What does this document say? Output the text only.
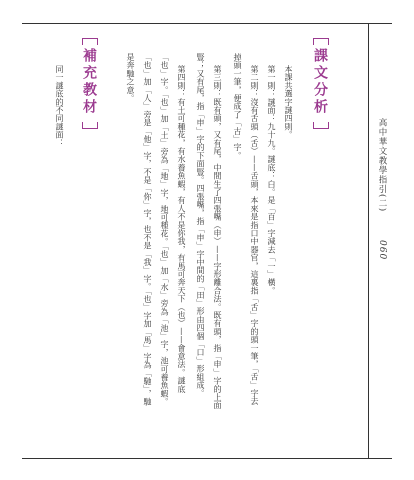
高中華文教學指引(二)
060
課文分析
本課共選字謎四則。
第一則：謎面：九十九。謎底：白。是「百」字減去「一」橫。
第二則：沒有舌頭（舌）——舌頭，本來是指口中器官，這裏指「舌」字的頭一筆，「舌」字去
掉頭一筆，便成了「古」字。
第三則：既有頭，又有尾，中間生了四張嘴（申）——字形離合法。既有頭，指「申」字的上面
豎；又有尾，指「申」字的下面豎。四張嘴，指「申」字中間的「田」形由四個「口」形組成。
第四則：有土可種花，有水養魚蝦，有人不是你我，有馬可奔天下（也）——會意法。謎底
「也」字。「也」加「土」旁為「地」字，地可種花。「也」加「水」旁為「池」字，池可養魚蝦。
「也」加「人」旁是「他」字，不是「你」字，也不是「我」字。「也」字加「馬」字為「馳」，馳
是奔馳之意。
補充教材
同一謎底的不同謎面：
